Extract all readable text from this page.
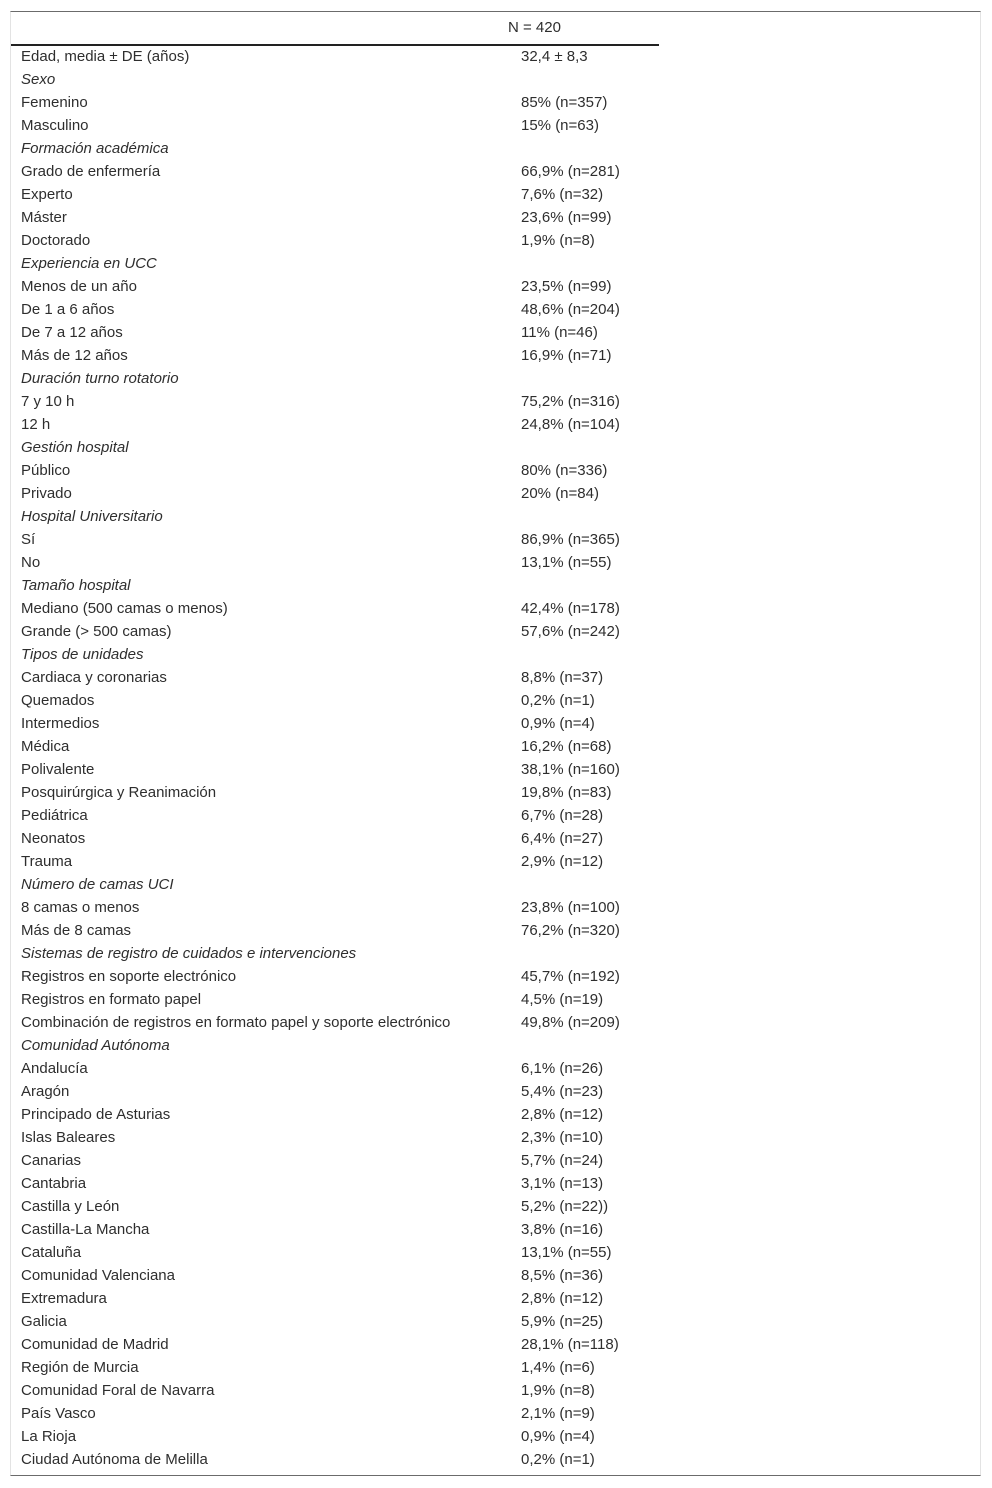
N = 420
Edad, media ± DE (años)	32,4 ± 8,3
Sexo
Femenino	85% (n=357)
Masculino	15% (n=63)
Formación académica
Grado de enfermería	66,9% (n=281)
Experto	7,6% (n=32)
Máster	23,6% (n=99)
Doctorado	1,9% (n=8)
Experiencia en UCC
Menos de un año	23,5% (n=99)
De 1 a 6 años	48,6% (n=204)
De 7 a 12 años	11% (n=46)
Más de 12 años	16,9% (n=71)
Duración turno rotatorio
7 y 10 h	75,2% (n=316)
12 h	24,8% (n=104)
Gestión hospital
Público	80% (n=336)
Privado	20% (n=84)
Hospital Universitario
Sí	86,9% (n=365)
No	13,1% (n=55)
Tamaño hospital
Mediano (500 camas o menos)	42,4% (n=178)
Grande (> 500 camas)	57,6% (n=242)
Tipos de unidades
Cardiaca y coronarias	8,8% (n=37)
Quemados	0,2% (n=1)
Intermedios	0,9% (n=4)
Médica	16,2% (n=68)
Polivalente	38,1% (n=160)
Posquirúrgica y Reanimación	19,8% (n=83)
Pediátrica	6,7% (n=28)
Neonatos	6,4% (n=27)
Trauma	2,9% (n=12)
Número de camas UCI
8 camas o menos	23,8% (n=100)
Más de 8 camas	76,2% (n=320)
Sistemas de registro de cuidados e intervenciones
Registros en soporte electrónico	45,7% (n=192)
Registros en formato papel	4,5% (n=19)
Combinación de registros en formato papel y soporte electrónico	49,8% (n=209)
Comunidad Autónoma
Andalucía	6,1% (n=26)
Aragón	5,4% (n=23)
Principado de Asturias	2,8% (n=12)
Islas Baleares	2,3% (n=10)
Canarias	5,7% (n=24)
Cantabria	3,1% (n=13)
Castilla y León	5,2% (n=22))
Castilla-La Mancha	3,8% (n=16)
Cataluña	13,1% (n=55)
Comunidad Valenciana	8,5% (n=36)
Extremadura	2,8% (n=12)
Galicia	5,9% (n=25)
Comunidad de Madrid	28,1% (n=118)
Región de Murcia	1,4% (n=6)
Comunidad Foral de Navarra	1,9% (n=8)
País Vasco	2,1% (n=9)
La Rioja	0,9% (n=4)
Ciudad Autónoma de Melilla	0,2% (n=1)
